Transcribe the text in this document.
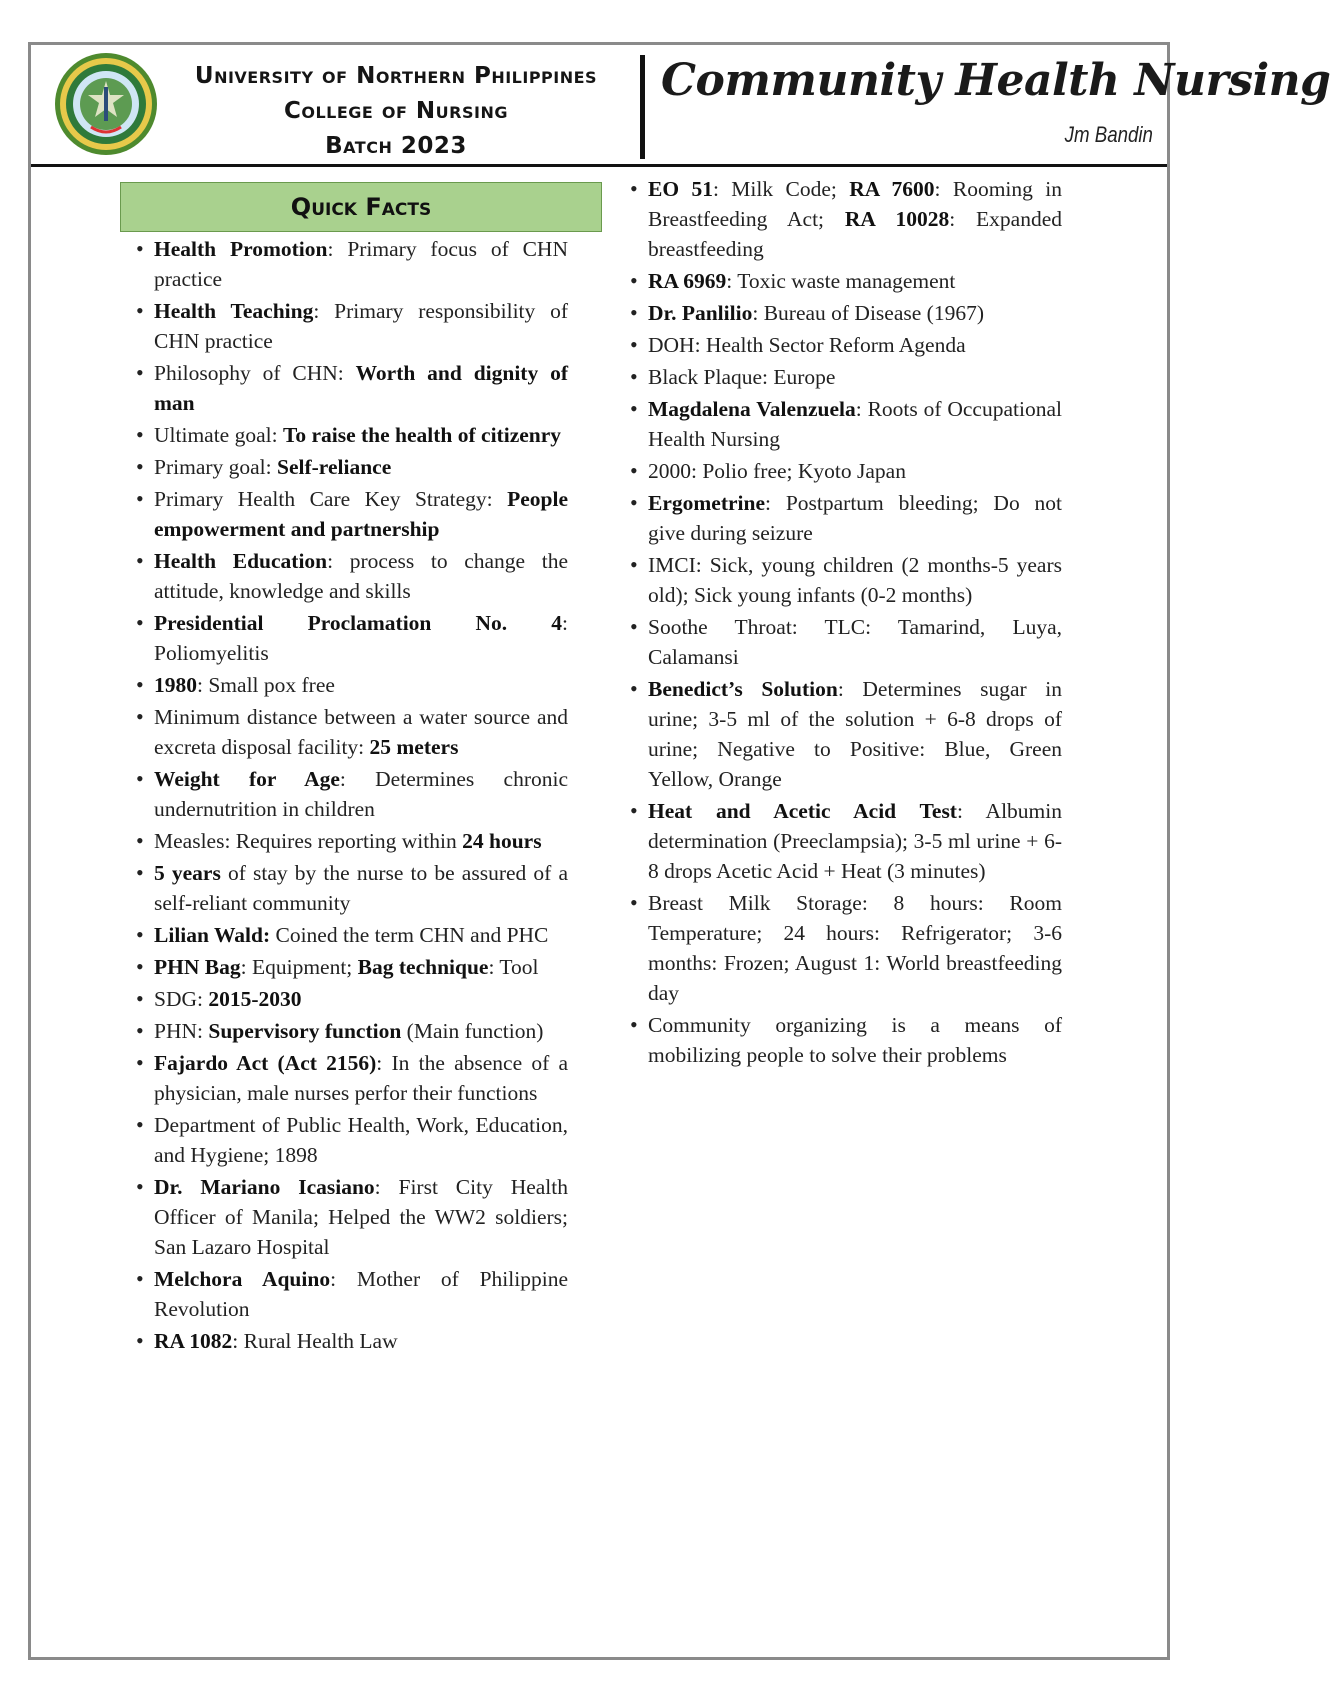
University of Northern Philippines
College of Nursing
Batch 2023
Community Health Nursing
Jm Bandin
Quick Facts
• Health Promotion: Primary focus of CHN practice
• Health Teaching: Primary responsibility of CHN practice
• Philosophy of CHN: Worth and dignity of man
• Ultimate goal: To raise the health of citizenry
• Primary goal: Self-reliance
• Primary Health Care Key Strategy: People empowerment and partnership
• Health Education: process to change the attitude, knowledge and skills
• Presidential Proclamation No. 4: Poliomyelitis
• 1980: Small pox free
• Minimum distance between a water source and excreta disposal facility: 25 meters
• Weight for Age: Determines chronic undernutrition in children
• Measles: Requires reporting within 24 hours
• 5 years of stay by the nurse to be assured of a self-reliant community
• Lilian Wald: Coined the term CHN and PHC
• PHN Bag: Equipment; Bag technique: Tool
• SDG: 2015-2030
• PHN: Supervisory function (Main function)
• Fajardo Act (Act 2156): In the absence of a physician, male nurses perfor their functions
• Department of Public Health, Work, Education, and Hygiene; 1898
• Dr. Mariano Icasiano: First City Health Officer of Manila; Helped the WW2 soldiers; San Lazaro Hospital
• Melchora Aquino: Mother of Philippine Revolution
• RA 1082: Rural Health Law
• EO 51: Milk Code; RA 7600: Rooming in Breastfeeding Act; RA 10028: Expanded breastfeeding
• RA 6969: Toxic waste management
• Dr. Panlilio: Bureau of Disease (1967)
• DOH: Health Sector Reform Agenda
• Black Plaque: Europe
• Magdalena Valenzuela: Roots of Occupational Health Nursing
• 2000: Polio free; Kyoto Japan
• Ergometrine: Postpartum bleeding; Do not give during seizure
• IMCI: Sick, young children (2 months-5 years old); Sick young infants (0-2 months)
• Soothe Throat: TLC: Tamarind, Luya, Calamansi
• Benedict’s Solution: Determines sugar in urine; 3-5 ml of the solution + 6-8 drops of urine; Negative to Positive: Blue, Green Yellow, Orange
• Heat and Acetic Acid Test: Albumin determination (Preeclampsia); 3-5 ml urine + 6-8 drops Acetic Acid + Heat (3 minutes)
• Breast Milk Storage: 8 hours: Room Temperature; 24 hours: Refrigerator; 3-6 months: Frozen; August 1: World breastfeeding day
• Community organizing is a means of mobilizing people to solve their problems
